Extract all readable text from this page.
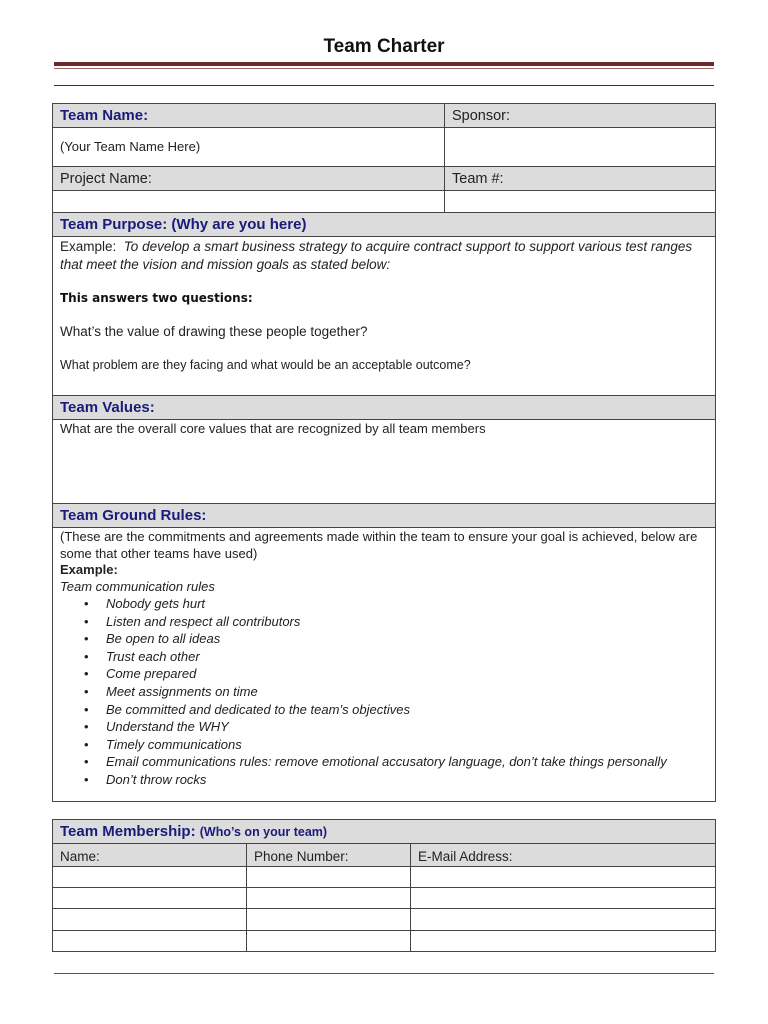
Team Charter
Team Name:	Sponsor:
(Your Team Name Here)
Project Name:	Team #:
Team Purpose: (Why are you here)
Example: To develop a smart business strategy to acquire contract support to support various test ranges that meet the vision and mission goals as stated below:
This answers two questions:
What’s the value of drawing these people together?
What problem are they facing and what would be an acceptable outcome?
Team Values:
What are the overall core values that are recognized by all team members
Team Ground Rules:
(These are the commitments and agreements made within the team to ensure your goal is achieved, below are some that other teams have used)
Example:
Team communication rules
• Nobody gets hurt
• Listen and respect all contributors
• Be open to all ideas
• Trust each other
• Come prepared
• Meet assignments on time
• Be committed and dedicated to the team’s objectives
• Understand the WHY
• Timely communications
• Email communications rules: remove emotional accusatory language, don’t take things personally
• Don’t throw rocks
Team Membership: (Who’s on your team)
Name:	Phone Number:	E-Mail Address:
